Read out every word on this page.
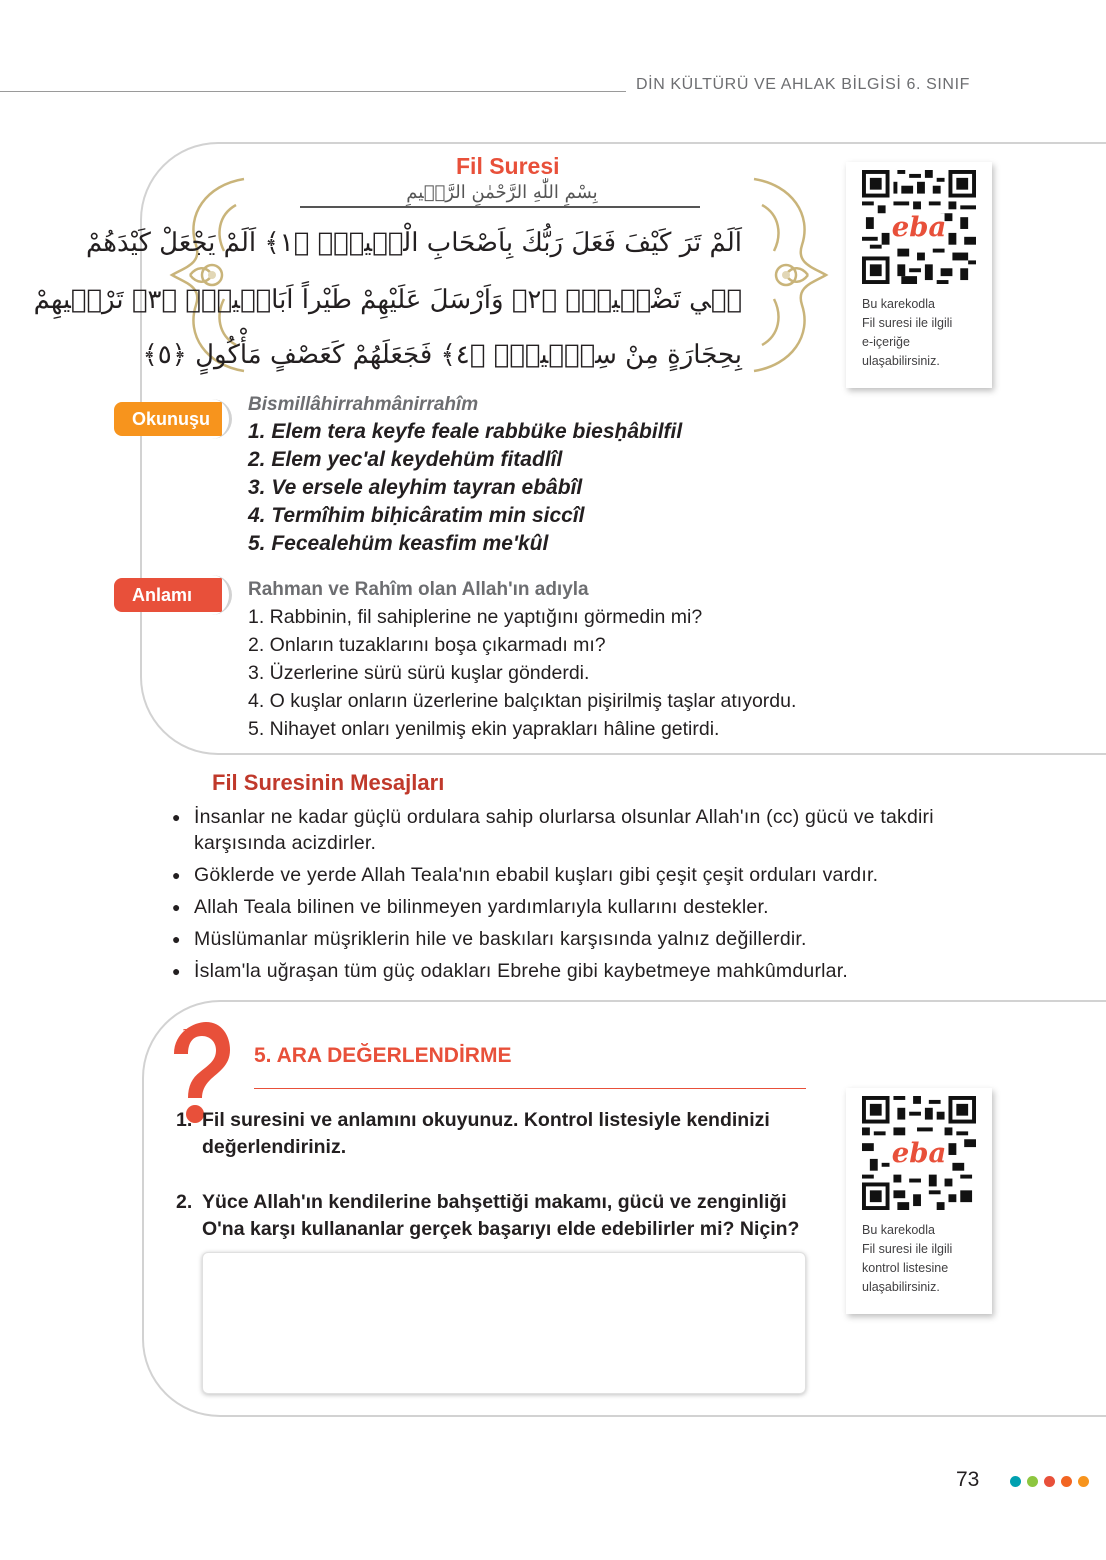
DİN KÜLTÜRÜ VE AHLAK BİLGİSİ 6. SINIF
Fil Suresi
بِسْمِ اللّٰهِ الرَّحْمٰنِ الرَّح۪يمِ
اَلَمْ تَرَ كَيْفَ فَعَلَ رَبُّكَ بِاَصْحَابِ الْف۪يلِۜ ﴿١﴾ اَلَمْ يَجْعَلْ كَيْدَهُمْ
ف۪ي تَضْل۪يلٍۙ ﴿٢﴾ وَاَرْسَلَ عَلَيْهِمْ طَيْراً اَبَاب۪يلَۙ ﴿٣﴾ تَرْم۪يهِمْ
بِحِجَارَةٍ مِنْ سِجّ۪يلٍۙ ﴿٤﴾ فَجَعَلَهُمْ كَعَصْفٍ مَأْكُولٍ ﴿٥﴾
eba
Bu karekodla
Fil suresi ile ilgili
e-içeriğe
ulaşabilirsiniz.
Okunuşu
Bismillâhirrahmânirrahîm
1. Elem tera keyfe feale rabbüke biesḥâbilfil
2. Elem yec'al keydehüm fitadlîl
3. Ve ersele aleyhim tayran ebâbîl
4. Termîhim biḥicâratim min siccîl
5. Fecealehüm keasfim me'kûl
Anlamı	Rahman ve Rahîm olan Allah'ın adıyla
1. Rabbinin, fil sahiplerine ne yaptığını görmedin mi?
2. Onların tuzaklarını boşa çıkarmadı mı?
3. Üzerlerine sürü sürü kuşlar gönderdi.
4. O kuşlar onların üzerlerine balçıktan pişirilmiş taşlar atıyordu.
5. Nihayet onları yenilmiş ekin yaprakları hâline getirdi.
Fil Suresinin Mesajları
● İnsanlar ne kadar güçlü ordulara sahip olurlarsa olsunlar Allah'ın (cc) gücü ve takdiri karşısında acizdirler.
● Göklerde ve yerde Allah Teala'nın ebabil kuşları gibi çeşit çeşit orduları vardır.
● Allah Teala bilinen ve bilinmeyen yardımlarıyla kullarını destekler.
● Müslümanlar müşriklerin hile ve baskıları karşısında yalnız değillerdir.
● İslam'la uğraşan tüm güç odakları Ebrehe gibi kaybetmeye mahkûmdurlar.
abcd
5. ARA DEĞERLENDİRME
1. Fil suresini ve anlamını okuyunuz. Kontrol listesiyle kendinizi değerlendiriniz.
2. Yüce Allah'ın kendilerine bahşettiği makamı, gücü ve zenginliği O'na karşı kullananlar gerçek başarıyı elde edebilirler mi? Niçin?
eba
Bu karekodla
Fil suresi ile ilgili
kontrol listesine
ulaşabilirsiniz.
73
